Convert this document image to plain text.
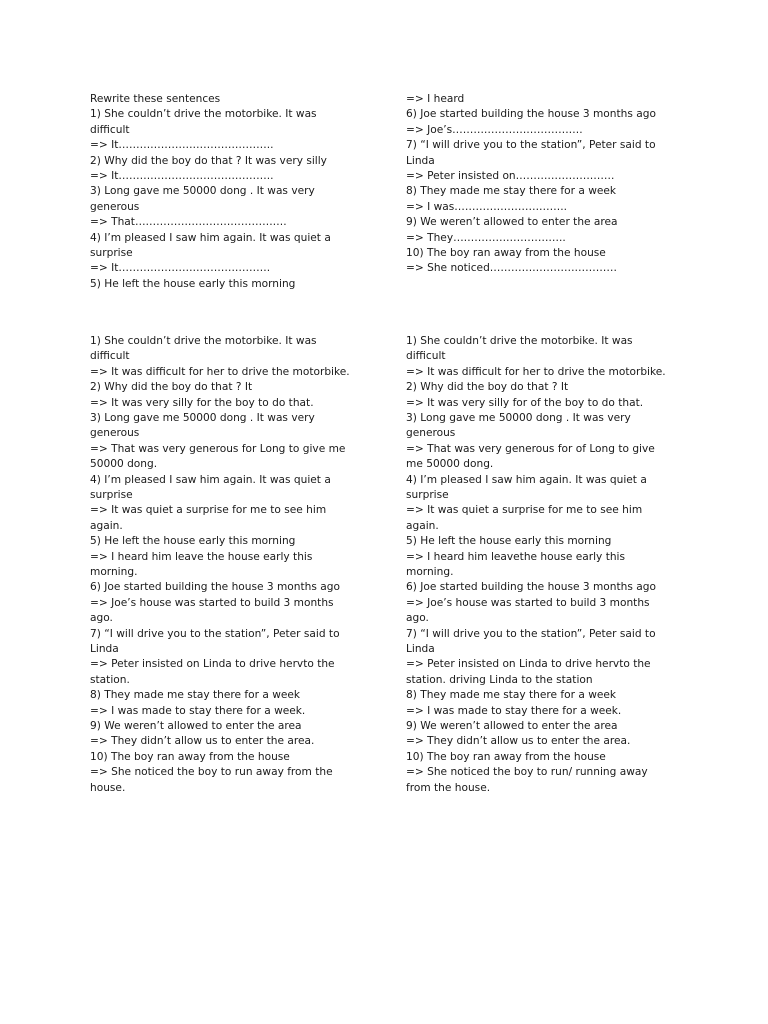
Rewrite these sentences
1) She couldn’t drive the motorbike. It was
difficult
=> It……………………………………..
2) Why did the boy do that ? It was very silly
=> It……………………………………..
3) Long gave me 50000 dong . It was very
generous
=> That…………………………………….
4) I’m pleased I saw him again. It was quiet a
surprise
=> It…………………………………….
5) He left the house early this morning
=> I heard
6) Joe started building the house 3 months ago
=> Joe’s……………………………….
7) “I will drive you to the station”, Peter said to
Linda
=> Peter insisted on……………………….
8) They made me stay there for a week
=> I was…………………………..
9) We weren’t allowed to enter the area
=> They…………………………..
10) The boy ran away from the house
=> She noticed………………………………
1) She couldn’t drive the motorbike. It was
difficult
=> It was difficult for her to drive the motorbike.
2) Why did the boy do that ? It
=> It was very silly for the boy to do that.
3) Long gave me 50000 dong . It was very
generous
=> That was very generous for Long to give me
50000 dong.
4) I’m pleased I saw him again. It was quiet a
surprise
=> It was quiet a surprise for me to see him
again.
5) He left the house early this morning
=> I heard him leave the house early this
morning.
6) Joe started building the house 3 months ago
=> Joe’s house was started to build 3 months
ago.
7) “I will drive you to the station”, Peter said to
Linda
=> Peter insisted on Linda to drive hervto the
station.
8) They made me stay there for a week
=> I was made to stay there for a week.
9) We weren’t allowed to enter the area
=> They didn’t allow us to enter the area.
10) The boy ran away from the house
=> She noticed the boy to run away from the
house.
1) She couldn’t drive the motorbike. It was
difficult
=> It was difficult for her to drive the motorbike.
2) Why did the boy do that ? It
=> It was very silly for of the boy to do that.
3) Long gave me 50000 dong . It was very
generous
=> That was very generous for of Long to give
me 50000 dong.
4) I’m pleased I saw him again. It was quiet a
surprise
=> It was quiet a surprise for me to see him
again.
5) He left the house early this morning
=> I heard him leavethe house early this
morning.
6) Joe started building the house 3 months ago
=> Joe’s house was started to build 3 months
ago.
7) “I will drive you to the station”, Peter said to
Linda
=> Peter insisted on Linda to drive hervto the
station. driving Linda to the station
8) They made me stay there for a week
=> I was made to stay there for a week.
9) We weren’t allowed to enter the area
=> They didn’t allow us to enter the area.
10) The boy ran away from the house
=> She noticed the boy to run/ running away
from the house.
